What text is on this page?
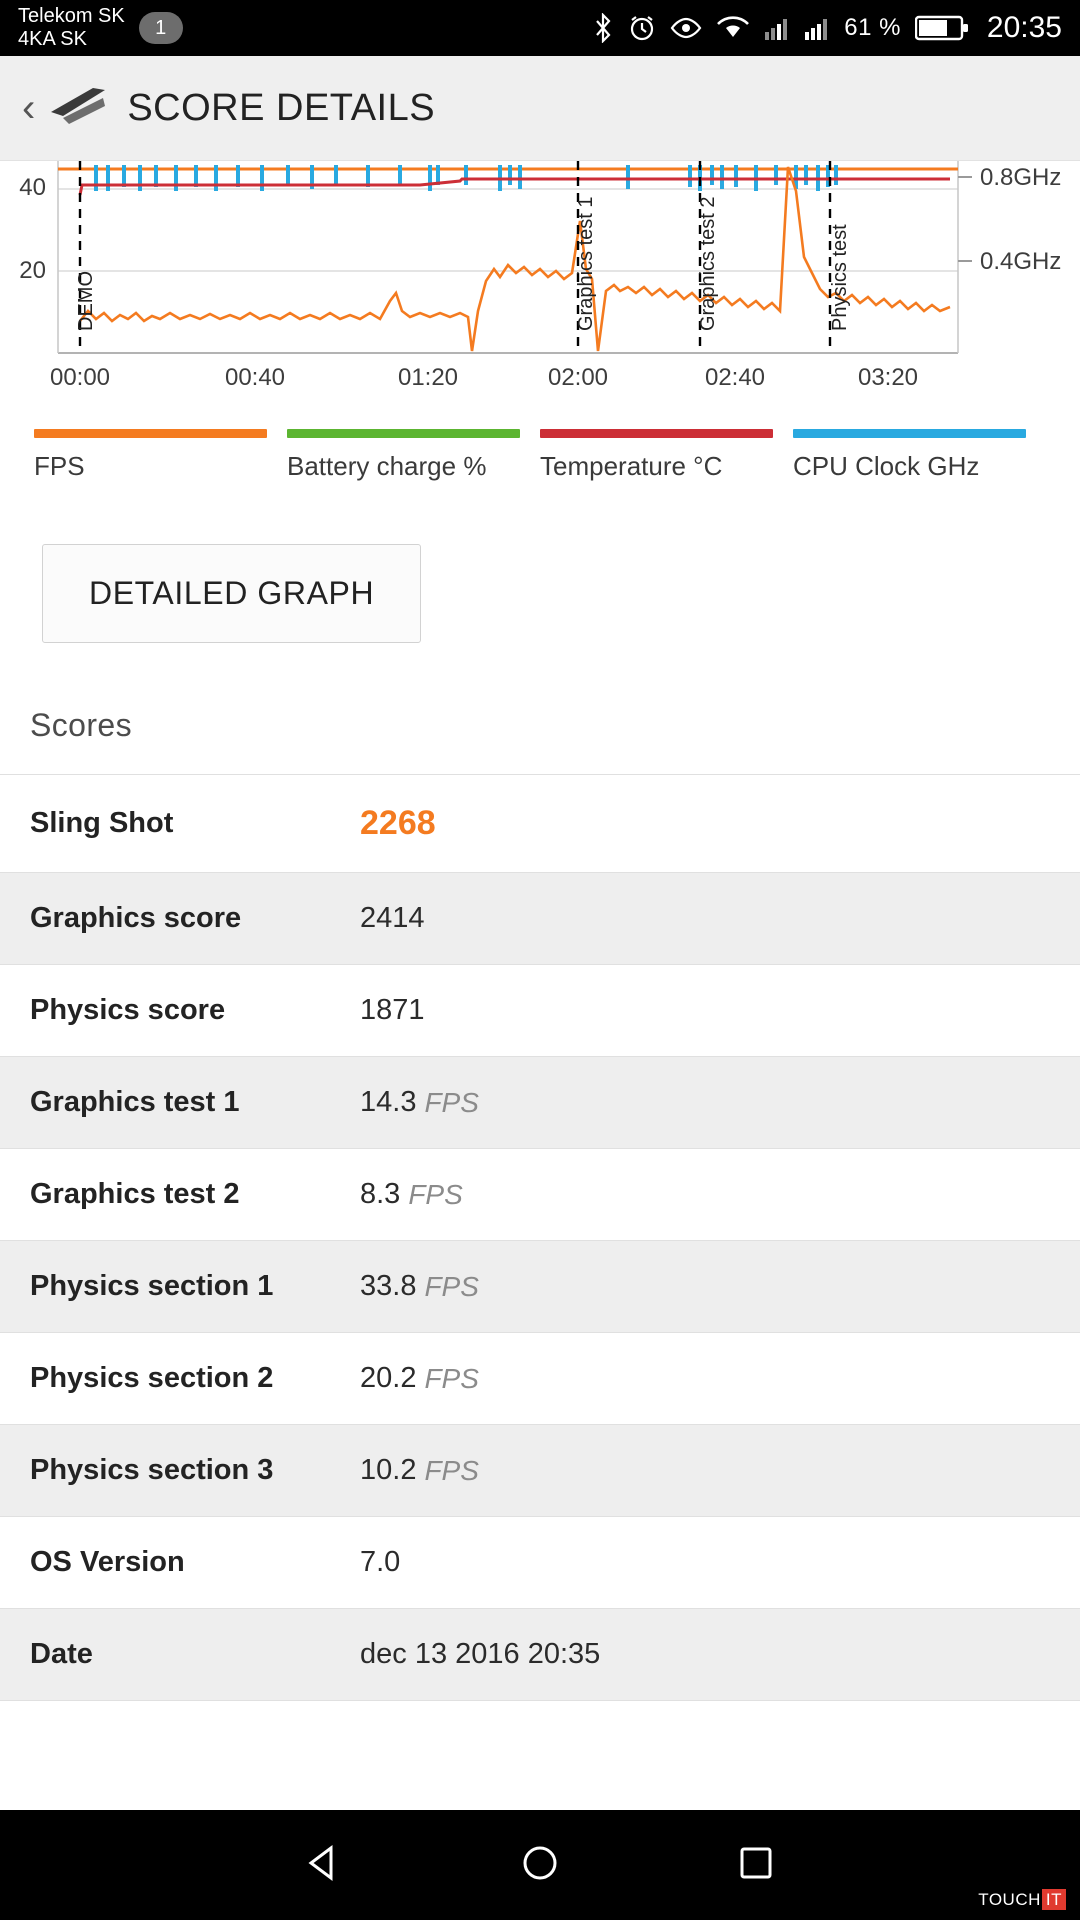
Telekom SK
4KA SK
1	61 %	20:35
‹ SCORE DETAILS
DEMO	Graphics test 1	Graphics test 2	Physics test
40
20
0.8GHz
0.4GHz
00:00	00:40	01:20	02:00	02:40	03:20
FPS	Battery charge %	Temperature °C	CPU Clock GHz
DETAILED GRAPH
Scores
Sling Shot	2268
Graphics score	2414
Physics score	1871
Graphics test 1	14.3 FPS
Graphics test 2	8.3 FPS
Physics section 1	33.8 FPS
Physics section 2	20.2 FPS
Physics section 3	10.2 FPS
OS Version	7.0
Date	dec 13 2016 20:35
TOUCH IT
